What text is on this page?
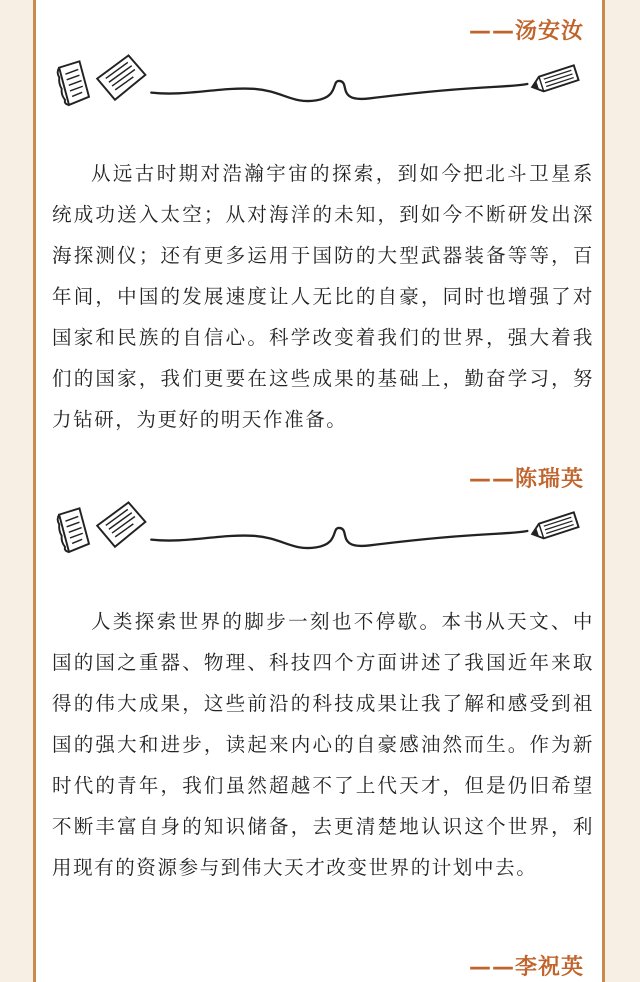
——汤安汝

从远古时期对浩瀚宇宙的探索，到如今把北斗卫星系统成功送入太空；从对海洋的未知，到如今不断研发出深海探测仪；还有更多运用于国防的大型武器装备等等，百年间，中国的发展速度让人无比的自豪，同时也增强了对国家和民族的自信心。科学改变着我们的世界，强大着我们的国家，我们更要在这些成果的基础上，勤奋学习，努力钻研，为更好的明天作准备。

——陈瑞英

人类探索世界的脚步一刻也不停歇。本书从天文、中国的国之重器、物理、科技四个方面讲述了我国近年来取得的伟大成果，这些前沿的科技成果让我了解和感受到祖国的强大和进步，读起来内心的自豪感油然而生。作为新时代的青年，我们虽然超越不了上代天才，但是仍旧希望不断丰富自身的知识储备，去更清楚地认识这个世界，利用现有的资源参与到伟大天才改变世界的计划中去。

——李祝英
